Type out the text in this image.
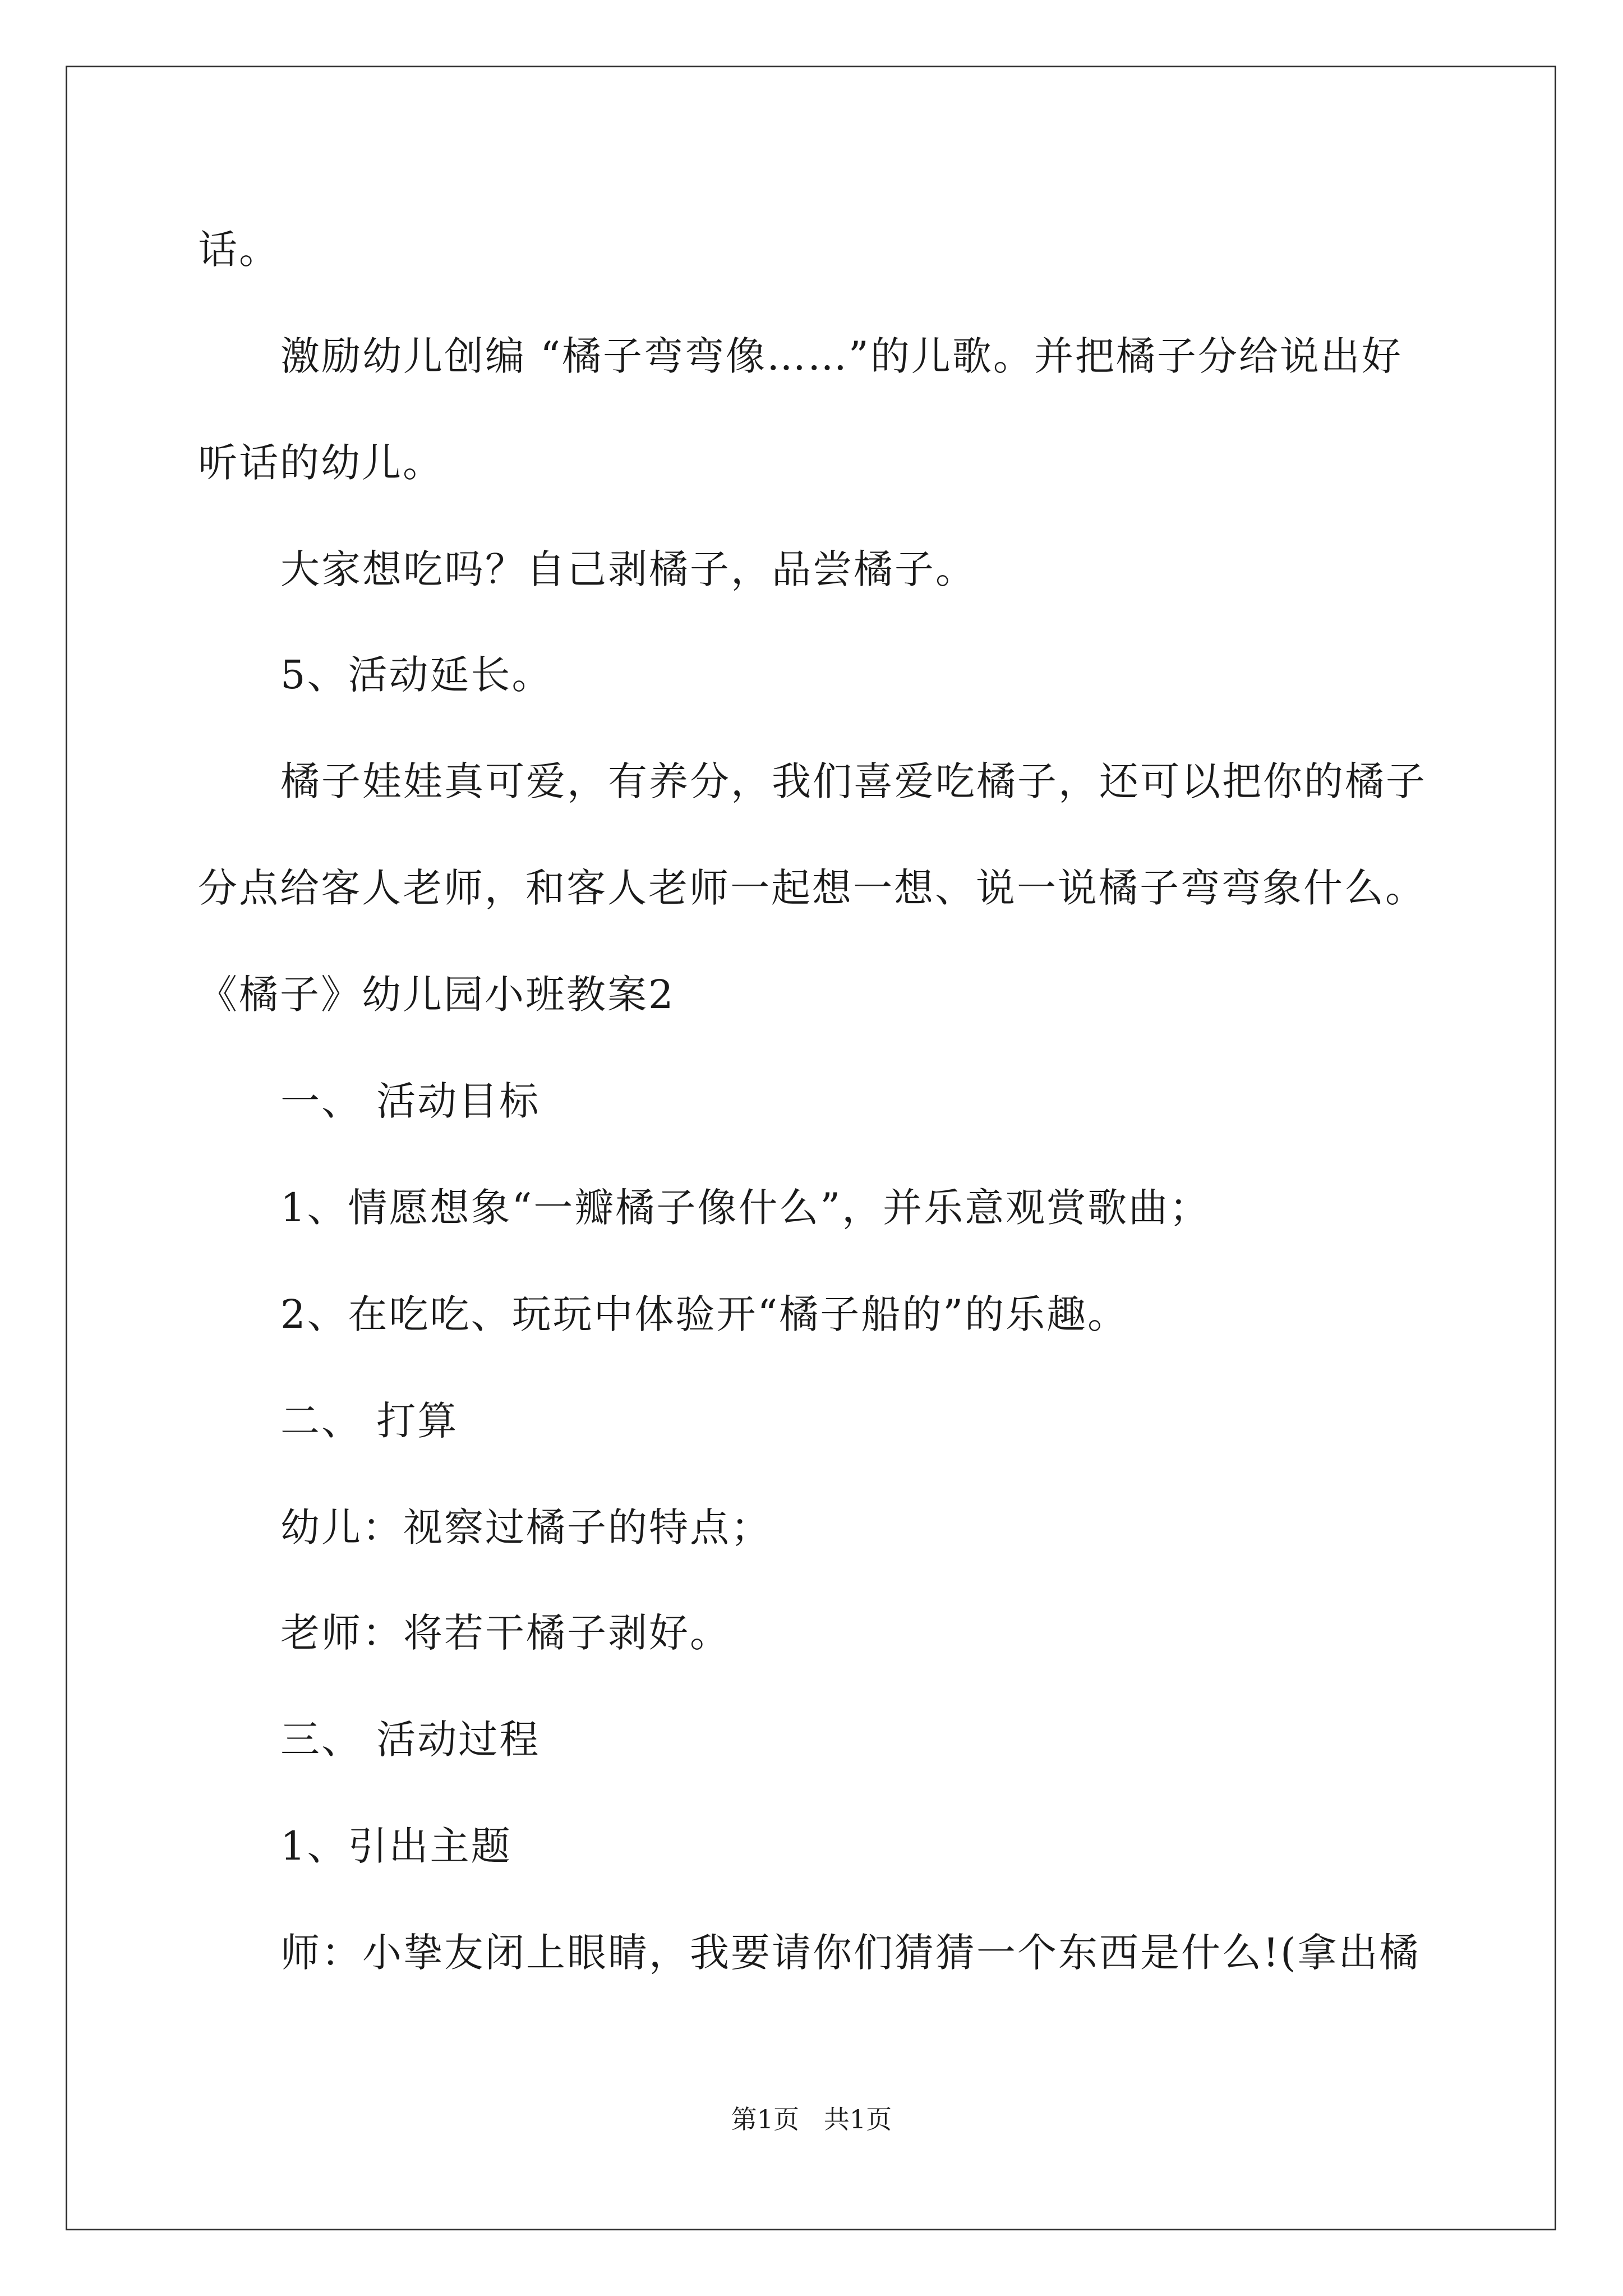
话。
激励幼儿创编 “橘子弯弯像……”的儿歌。并把橘子分给说出好
听话的幼儿。
大家想吃吗？自己剥橘子，品尝橘子。
5、活动延长。
橘子娃娃真可爱，有养分，我们喜爱吃橘子，还可以把你的橘子
分点给客人老师，和客人老师一起想一想、说一说橘子弯弯象什么。
《橘子》幼儿园小班教案2
一、 活动目标
1、情愿想象“一瓣橘子像什么”，并乐意观赏歌曲；
2、在吃吃、玩玩中体验开“橘子船的”的乐趣。
二、 打算
幼儿：视察过橘子的特点；
老师：将若干橘子剥好。
三、 活动过程
1、引出主题
师：小挚友闭上眼睛，我要请你们猜猜一个东西是什么!(拿出橘
第1页   共1页
